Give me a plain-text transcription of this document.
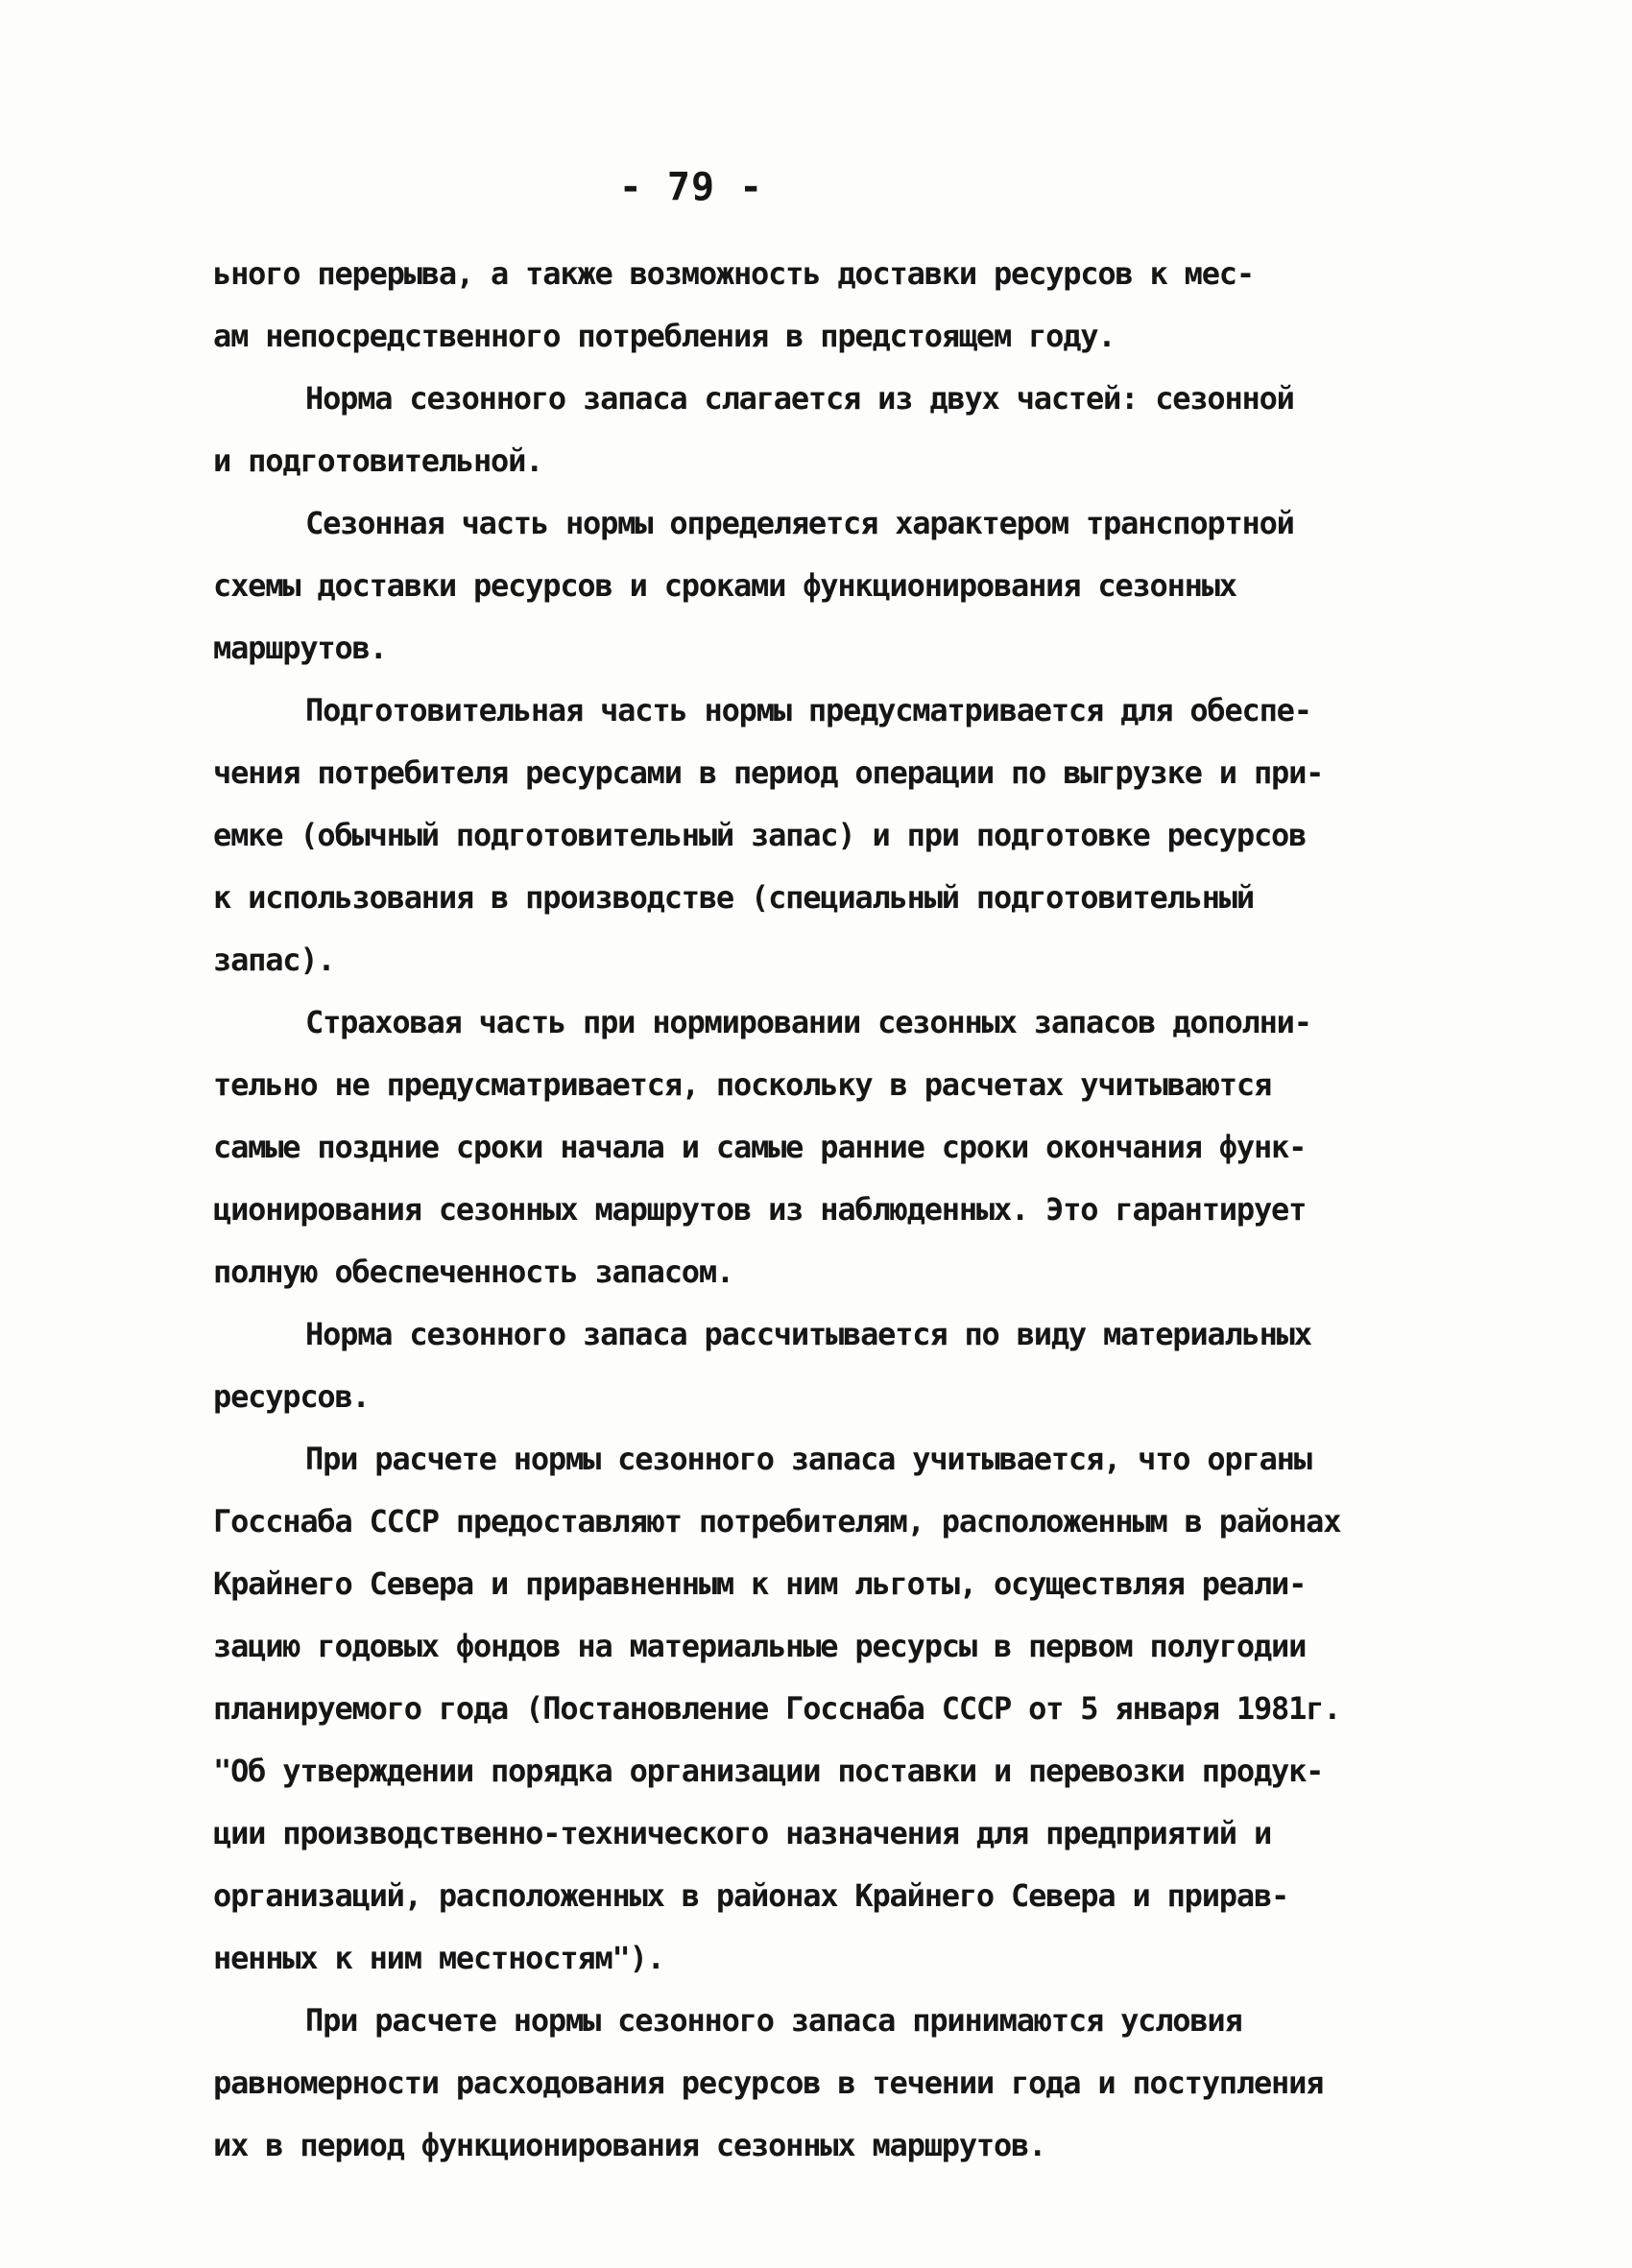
- 79 -
ьного перерыва, а также возможность доставки ресурсов к мес-
ам непосредственного потребления в предстоящем году.
Норма сезонного запаса слагается из двух частей: сезонной
и подготовительной.
Сезонная часть нормы определяется характером транспортной
схемы доставки ресурсов и сроками функционирования сезонных
маршрутов.
Подготовительная часть нормы предусматривается для обеспе-
чения потребителя ресурсами в период операции по выгрузке и при-
емке (обычный подготовительный запас) и при подготовке ресурсов
к использования в производстве (специальный подготовительный
запас).
Страховая часть при нормировании сезонных запасов дополни-
тельно не предусматривается, поскольку в расчетах учитываются
самые поздние сроки начала и самые ранние сроки окончания функ-
ционирования сезонных маршрутов из наблюденных. Это гарантирует
полную обеспеченность запасом.
Норма сезонного запаса рассчитывается по виду материальных
ресурсов.
При расчете нормы сезонного запаса учитывается, что органы
Госснаба СССР предоставляют потребителям, расположенным в районах
Крайнего Севера и приравненным к ним льготы, осуществляя реали-
зацию годовых фондов на материальные ресурсы в первом полугодии
планируемого года (Постановление Госснаба СССР от 5 января 1981г.
"Об утверждении порядка организации поставки и перевозки продук-
ции производственно-технического назначения для предприятий и
организаций, расположенных в районах Крайнего Севера и прирав-
ненных к ним местностям").
При расчете нормы сезонного запаса принимаются условия
равномерности расходования ресурсов в течении года и поступления
их в период функционирования сезонных маршрутов.
